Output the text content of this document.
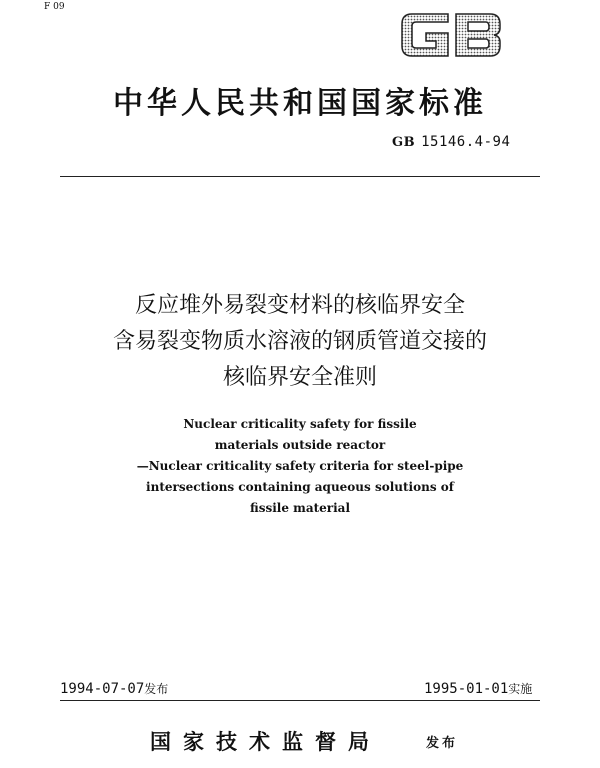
F 09
中华人民共和国国家标准
GB 15146.4-94
反应堆外易裂变材料的核临界安全
含易裂变物质水溶液的钢质管道交接的
核临界安全准则
Nuclear criticality safety for fissile
materials outside reactor
—Nuclear criticality safety criteria for steel-pipe
intersections containing aqueous solutions of
fissile material
1994-07-07发布	1995-01-01实施
国家技术监督局	发布
